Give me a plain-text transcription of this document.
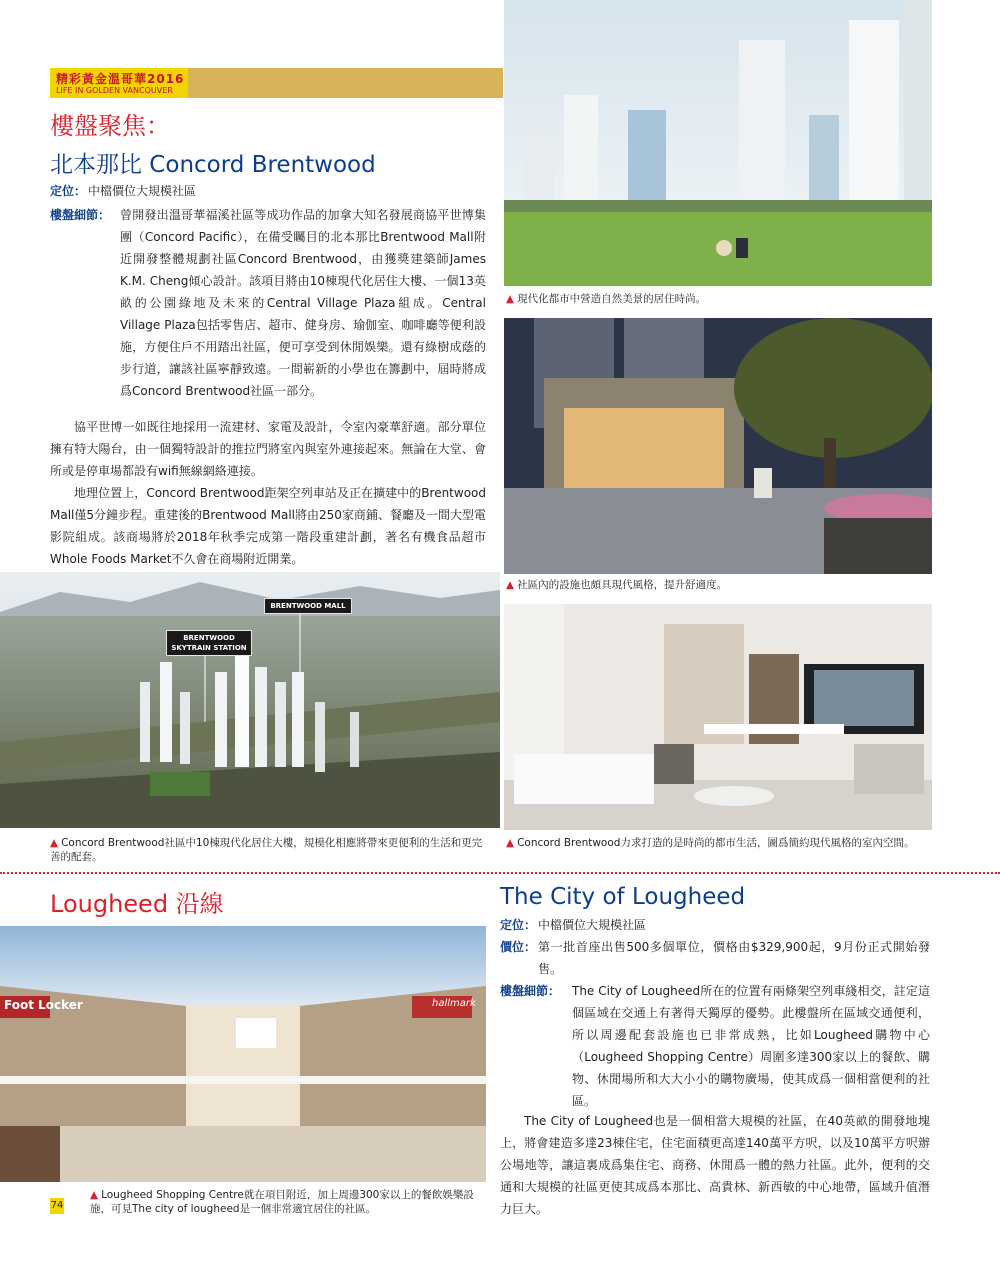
精彩黃金溫哥華2016
LIFE IN GOLDEN VANCOUVER
樓盤聚焦：
北本那比 Concord Brentwood
定位： 中檔價位大規模社區
樓盤細節： 曾開發出溫哥華福溪社區等成功作品的加拿大知名發展商協平世博集團（Concord Pacific），在備受矚目的北本那比Brentwood Mall附近開發整體規劃社區Concord Brentwood，由獲獎建築師James K.M. Cheng傾心設計。該項目將由10棟現代化居住大樓、一個13英畝的公園綠地及未來的Central Village Plaza組成。Central Village Plaza包括零售店、超市、健身房、瑜伽室、咖啡廳等便利設施，方便住戶不用踏出社區，便可享受到休閒娛樂。還有綠樹成蔭的步行道，讓該社區寧靜致遠。一間嶄新的小學也在籌劃中，屆時將成爲Concord Brentwood社區一部分。

協平世博一如既往地採用一流建材、家電及設計，令室內豪華舒適。部分單位擁有特大陽台，由一個獨特設計的推拉門將室內與室外連接起來。無論在大堂、會所或是停車場都設有wifi無線網絡連接。

地理位置上，Concord Brentwood距架空列車站及正在擴建中的Brentwood Mall僅5分鐘步程。重建後的Brentwood Mall將由250家商鋪、餐廳及一間大型電影院組成。該商場將於2018年秋季完成第一階段重建計劃，著名有機食品超市Whole Foods Market不久會在商場附近開業。

BRENTWOOD MALL
BRENTWOOD SKYTRAIN STATION
▲ Concord Brentwood社區中10棟現代化居住大樓，規模化相應將帶來更便利的生活和更完善的配套。
▲ 現代化都市中營造自然美景的居住時尚。
▲ 社區內的設施也頗具現代風格，提升舒適度。
▲ Concord Brentwood力求打造的是時尚的都市生活，圖爲簡約現代風格的室內空間。
Lougheed 沿線
Foot Locker	hallmark
▲ Lougheed Shopping Centre就在項目附近，加上周邊300家以上的餐飲娛樂設施，可見The city of lougheed是一個非常適宜居住的社區。
The City of Lougheed
定位： 中檔價位大規模社區
價位： 第一批首座出售500多個單位，價格由$329,900起，9月份正式開始發售。
樓盤細節： The City of Lougheed所在的位置有兩條架空列車綫相交，註定這個區域在交通上有著得天獨厚的優勢。此樓盤所在區域交通便利，所以周邊配套設施也已非常成熟，比如Lougheed購物中心（Lougheed Shopping Centre）周圍多達300家以上的餐飲、購物、休閒場所和大大小小的購物廣場，使其成爲一個相當便利的社區。

The City of Lougheed也是一個相當大規模的社區，在40英畝的開發地塊上，將會建造多達23棟住宅，住宅面積更高達140萬平方呎，以及10萬平方呎辦公場地等，讓這裏成爲集住宅、商務、休閒爲一體的熱力社區。此外，便利的交通和大規模的社區更使其成爲本那比、高貴林、新西敏的中心地帶，區域升值潛力巨大。

74
